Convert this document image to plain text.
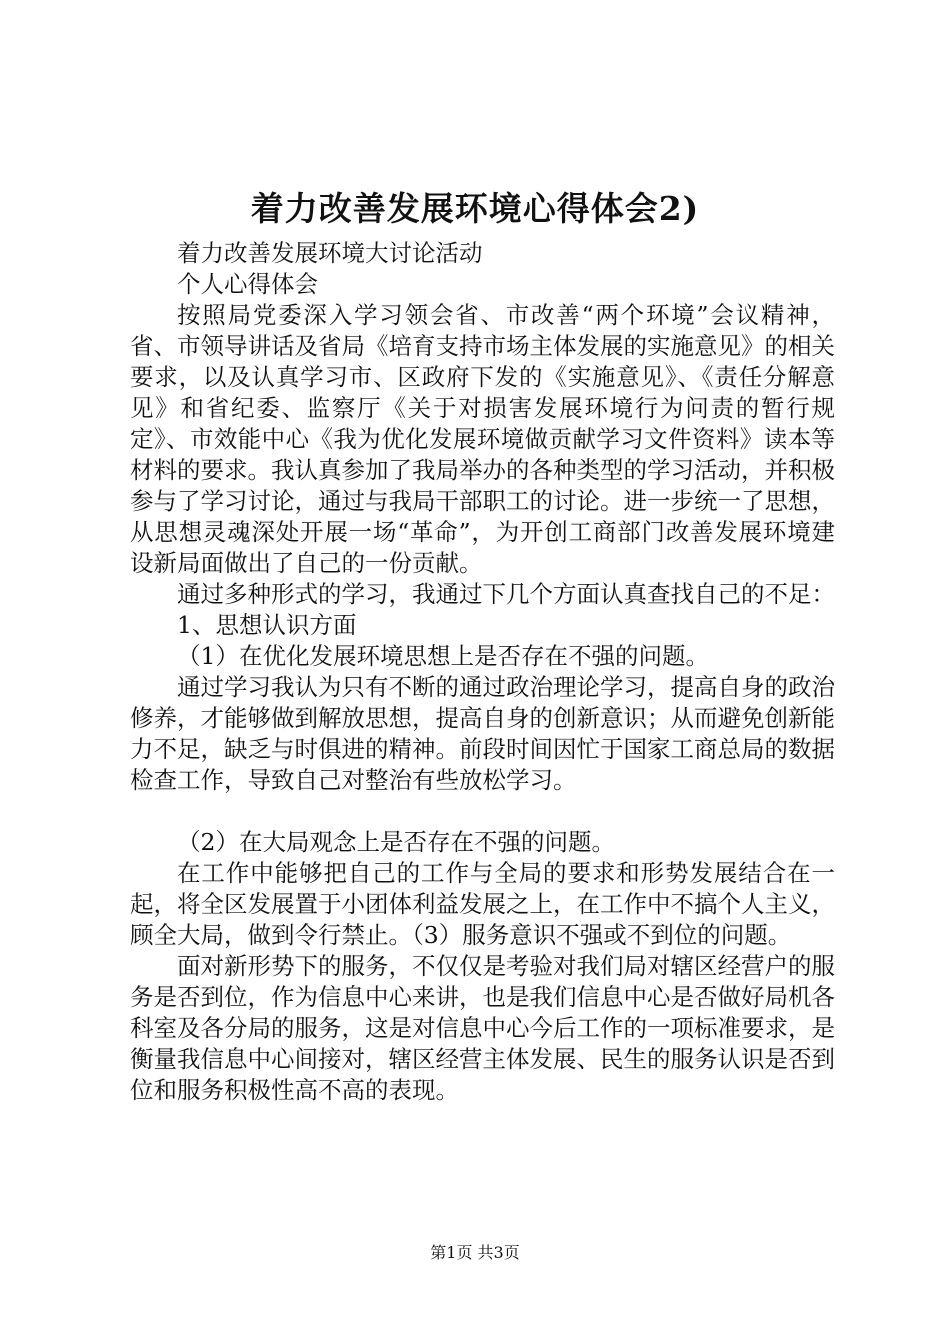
着力改善发展环境心得体会2)

着力改善发展环境大讨论活动

个人心得体会

按照局党委深入学习领会省、市改善“两个环境”会议精神，省、市领导讲话及省局《培育支持市场主体发展的实施意见》的相关要求，以及认真学习市、区政府下发的《实施意见》、《责任分解意见》和省纪委、监察厅《关于对损害发展环境行为问责的暂行规定》、市效能中心《我为优化发展环境做贡献学习文件资料》读本等材料的要求。我认真参加了我局举办的各种类型的学习活动，并积极参与了学习讨论，通过与我局干部职工的讨论。进一步统一了思想，从思想灵魂深处开展一场“革命”，为开创工商部门改善发展环境建设新局面做出了自己的一份贡献。

通过多种形式的学习，我通过下几个方面认真查找自己的不足：

1、思想认识方面

（1）在优化发展环境思想上是否存在不强的问题。

通过学习我认为只有不断的通过政治理论学习，提高自身的政治修养，才能够做到解放思想，提高自身的创新意识；从而避免创新能力不足，缺乏与时俱进的精神。前段时间因忙于国家工商总局的数据检查工作，导致自己对整治有些放松学习。

（2）在大局观念上是否存在不强的问题。

在工作中能够把自己的工作与全局的要求和形势发展结合在一起，将全区发展置于小团体利益发展之上，在工作中不搞个人主义，顾全大局，做到令行禁止。（3）服务意识不强或不到位的问题。

面对新形势下的服务，不仅仅是考验对我们局对辖区经营户的服务是否到位，作为信息中心来讲，也是我们信息中心是否做好局机各科室及各分局的服务，这是对信息中心今后工作的一项标准要求，是衡量我信息中心间接对，辖区经营主体发展、民生的服务认识是否到位和服务积极性高不高的表现。

第1页 共3页
